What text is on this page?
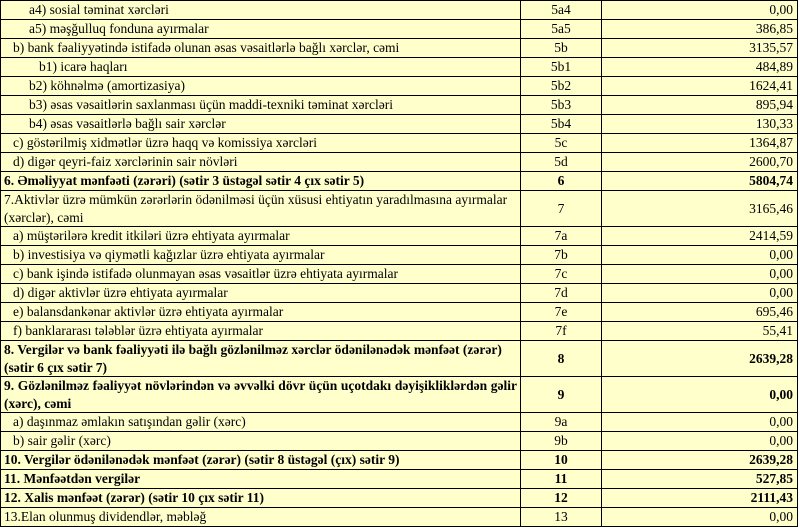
a4) sosial təminat xərcləri	5a4	0,00
a5) məşğulluq fonduna ayırmalar	5a5	386,85
b) bank fəaliyyətində istifadə olunan əsas vəsaitlərlə bağlı xərclər, cəmi	5b	3135,57
b1) icarə haqları	5b1	484,89
b2) köhnəlmə (amortizasiya)	5b2	1624,41
b3) əsas vəsaitlərin saxlanması üçün maddi-texniki təminat xərcləri	5b3	895,94
b4) əsas vəsaitlərlə bağlı sair xərclər	5b4	130,33
c) göstərilmiş xidmətlər üzrə haqq və komissiya xərcləri	5c	1364,87
d) digər qeyri-faiz xərclərinin sair növləri	5d	2600,70
6. Əməliyyat mənfəəti (zərəri) (sətir 3 üstəgəl sətir 4 çıx sətir 5)	6	5804,74
7.Aktivlər üzrə mümkün zərərlərin ödənilməsi üçün xüsusi ehtiyatın yaradılmasına ayırmalar (xərclər), cəmi	7	3165,46
a) müştərilərə kredit itkiləri üzrə ehtiyata ayırmalar	7a	2414,59
b) investisiya və qiymətli kağızlar üzrə ehtiyata ayırmalar	7b	0,00
c) bank işində istifadə olunmayan əsas vəsaitlər üzrə ehtiyata ayırmalar	7c	0,00
d) digər aktivlər üzrə ehtiyata ayırmalar	7d	0,00
e) balansdankənar aktivlər üzrə ehtiyata ayırmalar	7e	695,46
f) banklararası tələblər üzrə ehtiyata ayırmalar	7f	55,41
8. Vergilər və bank fəaliyyəti ilə bağlı gözlənilməz xərclər ödənilənədək mənfəət (zərər) (sətir 6 çıx sətir 7)	8	2639,28
9. Gözlənilməz fəaliyyət növlərindən və əvvəlki dövr üçün uçotdakı dəyişikliklərdən gəlir (xərc), cəmi	9	0,00
a) daşınmaz əmlakın satışından gəlir (xərc)	9a	0,00
b) sair gəlir (xərc)	9b	0,00
10. Vergilər ödənilənədək mənfəət (zərər) (sətir 8 üstəgəl (çıx) sətir 9)	10	2639,28
11. Mənfəətdən vergilər	11	527,85
12. Xalis mənfəət (zərər) (sətir 10 çıx sətir 11)	12	2111,43
13.Elan olunmuş dividendlər, məbləğ	13	0,00
